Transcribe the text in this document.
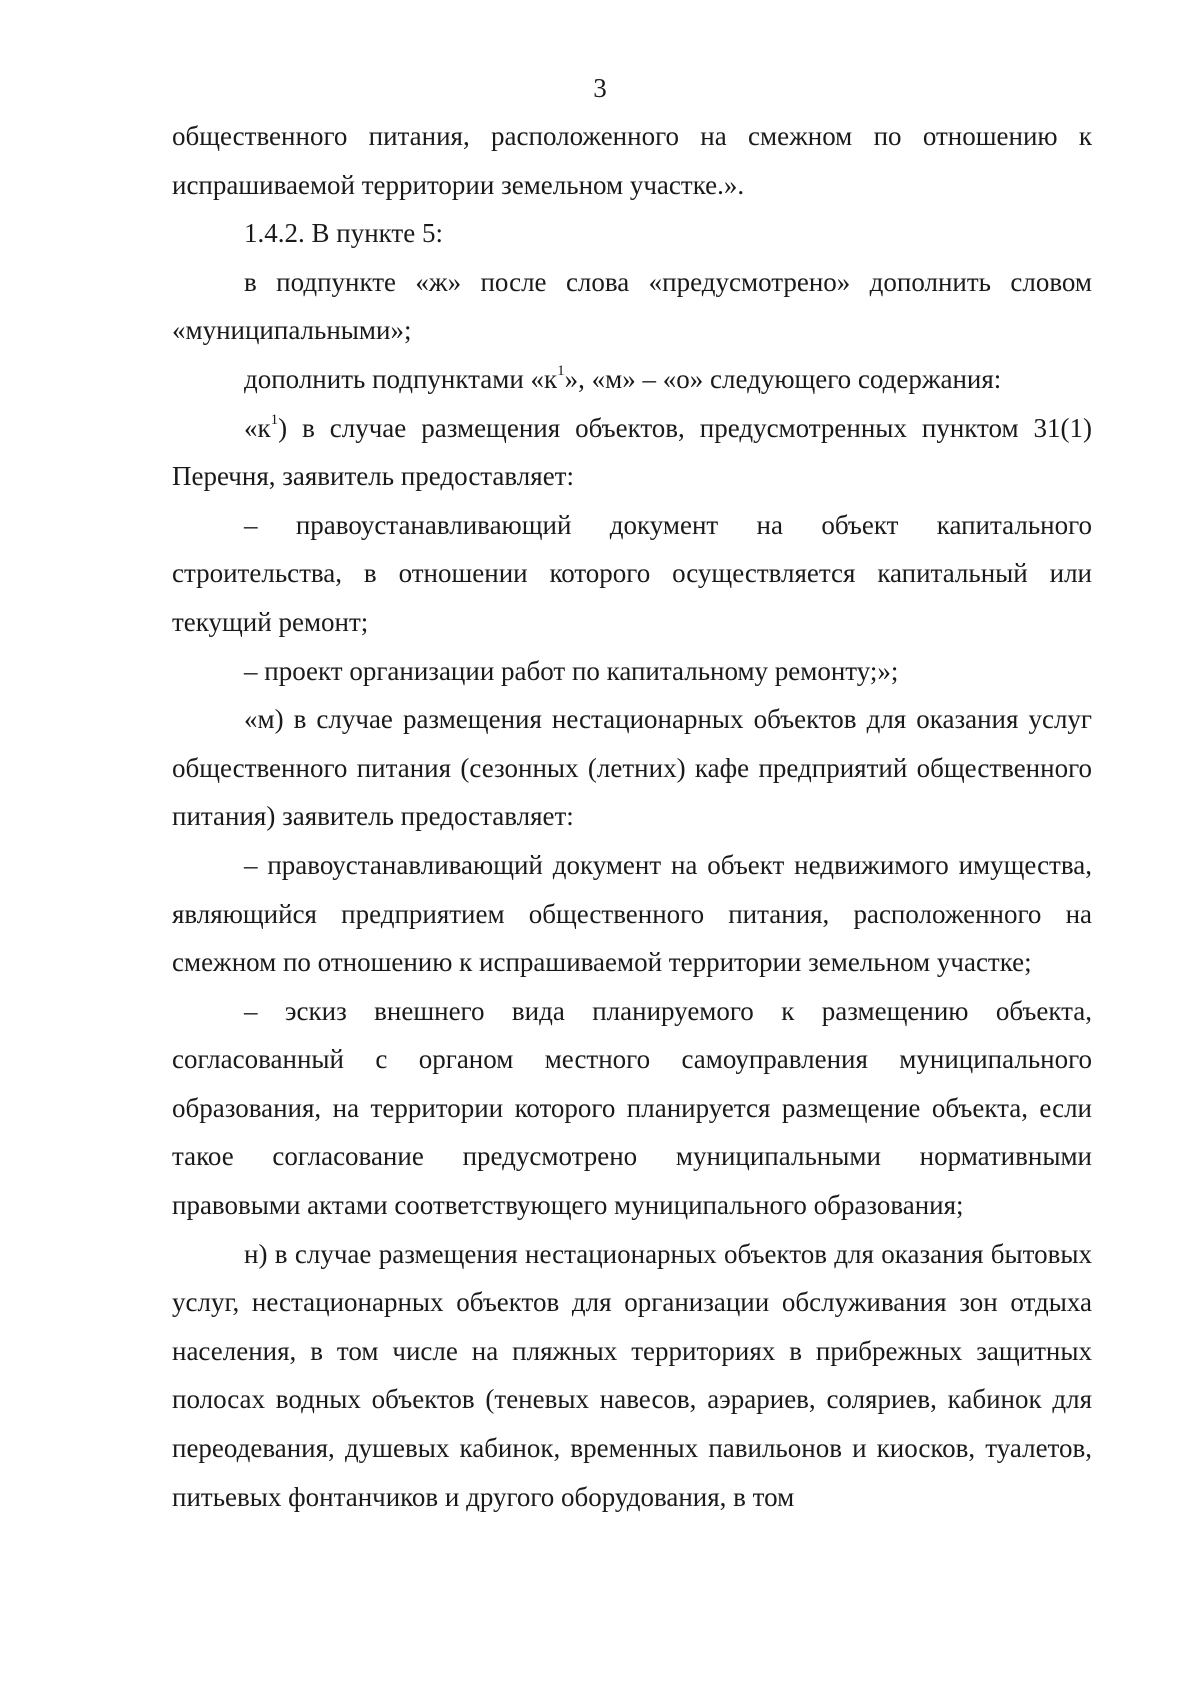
3

общественного питания, расположенного на смежном по отношению к испрашиваемой территории земельном участке.».

1.4.2. В пункте 5:

в подпункте «ж» после слова «предусмотрено» дополнить словом «муниципальными»;

дополнить подпунктами «$к^1$», «м» – «о» следующего содержания:

«$к^1$) в случае размещения объектов, предусмотренных пунктом 31(1) Перечня, заявитель предоставляет:

– правоустанавливающий документ на объект капитального строительства, в отношении которого осуществляется капитальный или текущий ремонт;

– проект организации работ по капитальному ремонту;»;

«м) в случае размещения нестационарных объектов для оказания услуг общественного питания (сезонных (летних) кафе предприятий общественного питания) заявитель предоставляет:

– правоустанавливающий документ на объект недвижимого имущества, являющийся предприятием общественного питания, расположенного на смежном по отношению к испрашиваемой территории земельном участке;

– эскиз внешнего вида планируемого к размещению объекта, согласованный с органом местного самоуправления муниципального образования, на территории которого планируется размещение объекта, если такое согласование предусмотрено муниципальными нормативными правовыми актами соответствующего муниципального образования;

н) в случае размещения нестационарных объектов для оказания бытовых услуг, нестационарных объектов для организации обслуживания зон отдыха населения, в том числе на пляжных территориях в прибрежных защитных полосах водных объектов (теневых навесов, аэрариев, соляриев, кабинок для переодевания, душевых кабинок, временных павильонов и киосков, туалетов, питьевых фонтанчиков и другого оборудования, в том
